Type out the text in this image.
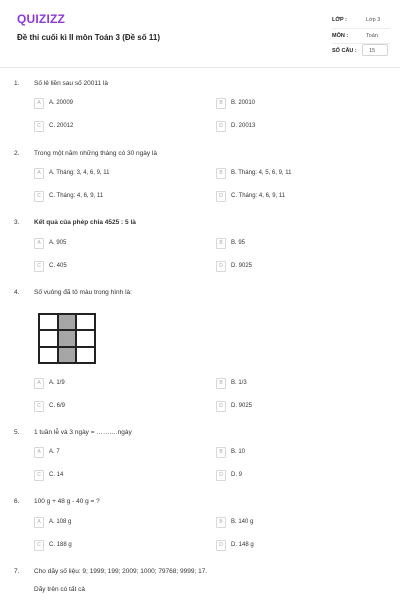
QUIZIZZ
Đề thi cuối kì II môn Toán 3 (Đề số 11)
LỚP :	Lớp 3
MÔN :	Toán
SỐ CÂU : 15
1. Số lẻ liền sau số 20011 là
A	A. 20009	B	B. 20010
C	C. 20012	D	D. 20013
2. Trong một năm những tháng có 30 ngày là
A	A. Tháng: 3, 4, 6, 9, 11	B	B. Tháng: 4, 5, 6, 9, 11
C	C. Tháng: 4, 6, 9, 11	D	C. Tháng: 4, 6, 9, 11
3. Kết quả của phép chia 4525 : 5 là
A	A. 905	B	B. 95
C	C. 405	D	D. 9025
4. Số vuông đã tô màu trong hình là:
A	A. 1/9	B	B. 1/3
C	C. 6/9	D	D. 9025
5. 1 tuần lễ và 3 ngày = ……….ngày
A	A. 7	B	B. 10
C	C. 14	D	D. 9
6. 100 g + 48 g - 40 g = ?
A	A. 108 g	B	B. 140 g
C	C. 188 g	D	D. 148 g
7. Cho dãy số liệu: 9; 1999; 199; 2009; 1000; 79768; 9999; 17.
Dãy trên có tất cả
